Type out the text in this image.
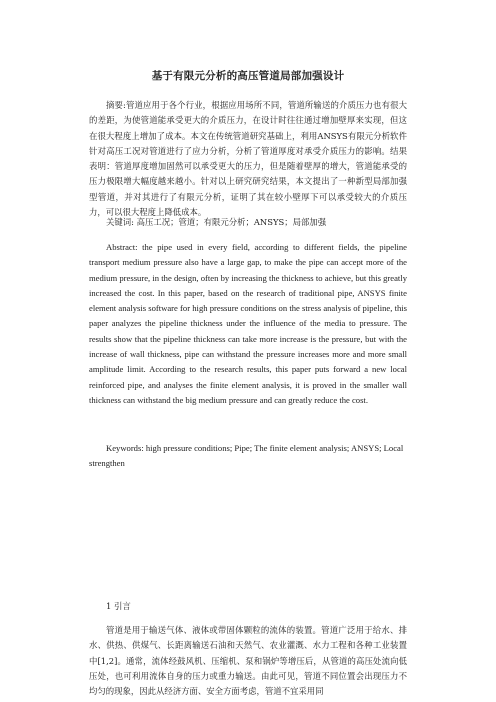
基于有限元分析的高压管道局部加强设计

摘要:管道应用于各个行业，根据应用场所不同，管道所输送的介质压力也有很大的差距，为使管道能承受更大的介质压力，在设计时往往通过增加壁厚来实现，但这在很大程度上增加了成本。本文在传统管道研究基础上，利用ANSYS有限元分析软件针对高压工况对管道进行了应力分析，分析了管道厚度对承受介质压力的影响。结果表明：管道厚度增加固然可以承受更大的压力，但是随着壁厚的增大，管道能承受的压力极限增大幅度越来越小。针对以上研究研究结果，本文提出了一种新型局部加强型管道，并对其进行了有限元分析，证明了其在较小壁厚下可以承受较大的介质压力，可以很大程度上降低成本。

关键词: 高压工况；管道；有限元分析；ANSYS；局部加强

Abstract: the pipe used in every field, according to different fields, the pipeline transport medium pressure also have a large gap, to make the pipe can accept more of the medium pressure, in the design, often by increasing the thickness to achieve, but this greatly increased the cost. In this paper, based on the research of traditional pipe, ANSYS finite element analysis software for high pressure conditions on the stress analysis of pipeline, this paper analyzes the pipeline thickness under the influence of the media to pressure. The results show that the pipeline thickness can take more increase is the pressure, but with the increase of wall thickness, pipe can withstand the pressure increases more and more small amplitude limit. According to the research results, this paper puts forward a new local reinforced pipe, and analyses the finite element analysis, it is proved in the smaller wall thickness can withstand the big medium pressure and can greatly reduce the cost.

Keywords: high pressure conditions; Pipe; The finite element analysis; ANSYS; Local strengthen

1 引言

管道是用于输送气体、液体或带固体颗粒的流体的装置。管道广泛用于给水、排水、供热、供煤气、长距离输送石油和天然气、农业灌溉、水力工程和各种工业装置中[1,2]。通常，流体经鼓风机、压缩机、泵和锅炉等增压后，从管道的高压处流向低压处，也可利用流体自身的压力或重力输送。由此可见，管道不同位置会出现压力不均匀的现象，因此从经济方面、安全方面考虑，管道不宜采用同
